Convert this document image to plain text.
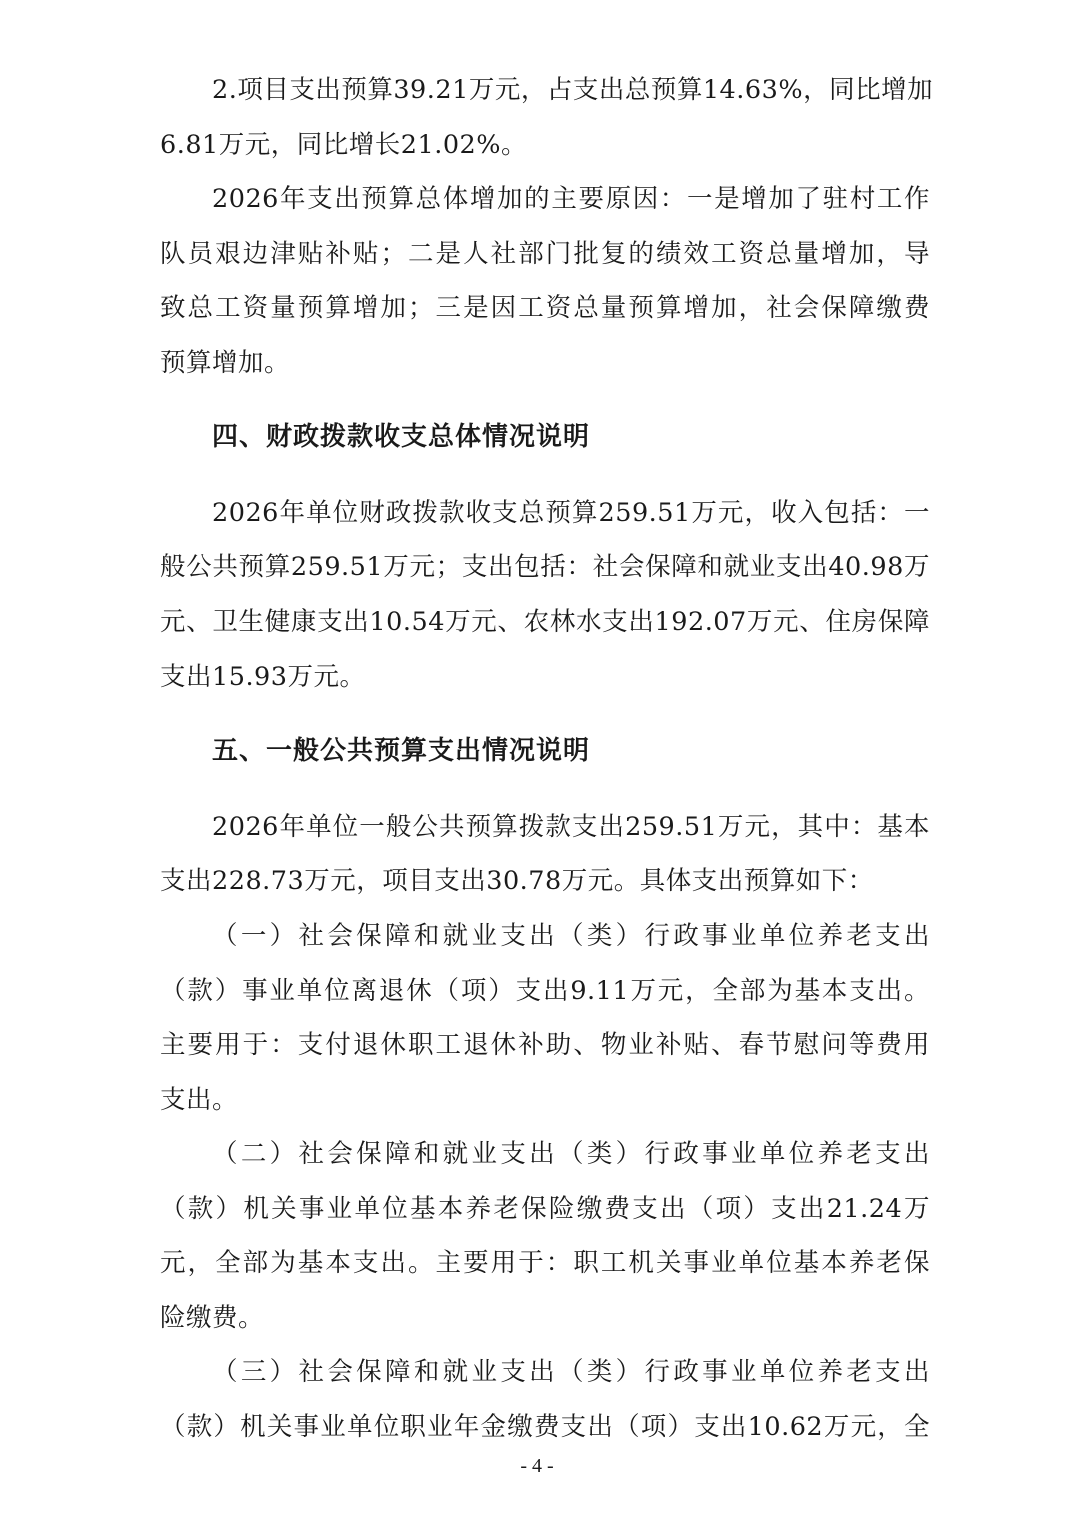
2.项目支出预算39.21万元，占支出总预算14.63%，同比增加
6.81万元，同比增长21.02%。
2026年支出预算总体增加的主要原因：一是增加了驻村工作
队员艰边津贴补贴；二是人社部门批复的绩效工资总量增加，导
致总工资量预算增加；三是因工资总量预算增加，社会保障缴费
预算增加。
四、财政拨款收支总体情况说明
2026年单位财政拨款收支总预算259.51万元，收入包括：一
般公共预算259.51万元；支出包括：社会保障和就业支出40.98万
元、卫生健康支出10.54万元、农林水支出192.07万元、住房保障
支出15.93万元。
五、一般公共预算支出情况说明
2026年单位一般公共预算拨款支出259.51万元，其中：基本
支出228.73万元，项目支出30.78万元。具体支出预算如下：
（一）社会保障和就业支出（类）行政事业单位养老支出
（款）事业单位离退休（项）支出9.11万元，全部为基本支出。
主要用于：支付退休职工退休补助、物业补贴、春节慰问等费用
支出。
（二）社会保障和就业支出（类）行政事业单位养老支出
（款）机关事业单位基本养老保险缴费支出（项）支出21.24万
元，全部为基本支出。主要用于：职工机关事业单位基本养老保
险缴费。
（三）社会保障和就业支出（类）行政事业单位养老支出
（款）机关事业单位职业年金缴费支出（项）支出10.62万元，全
- 4 -
